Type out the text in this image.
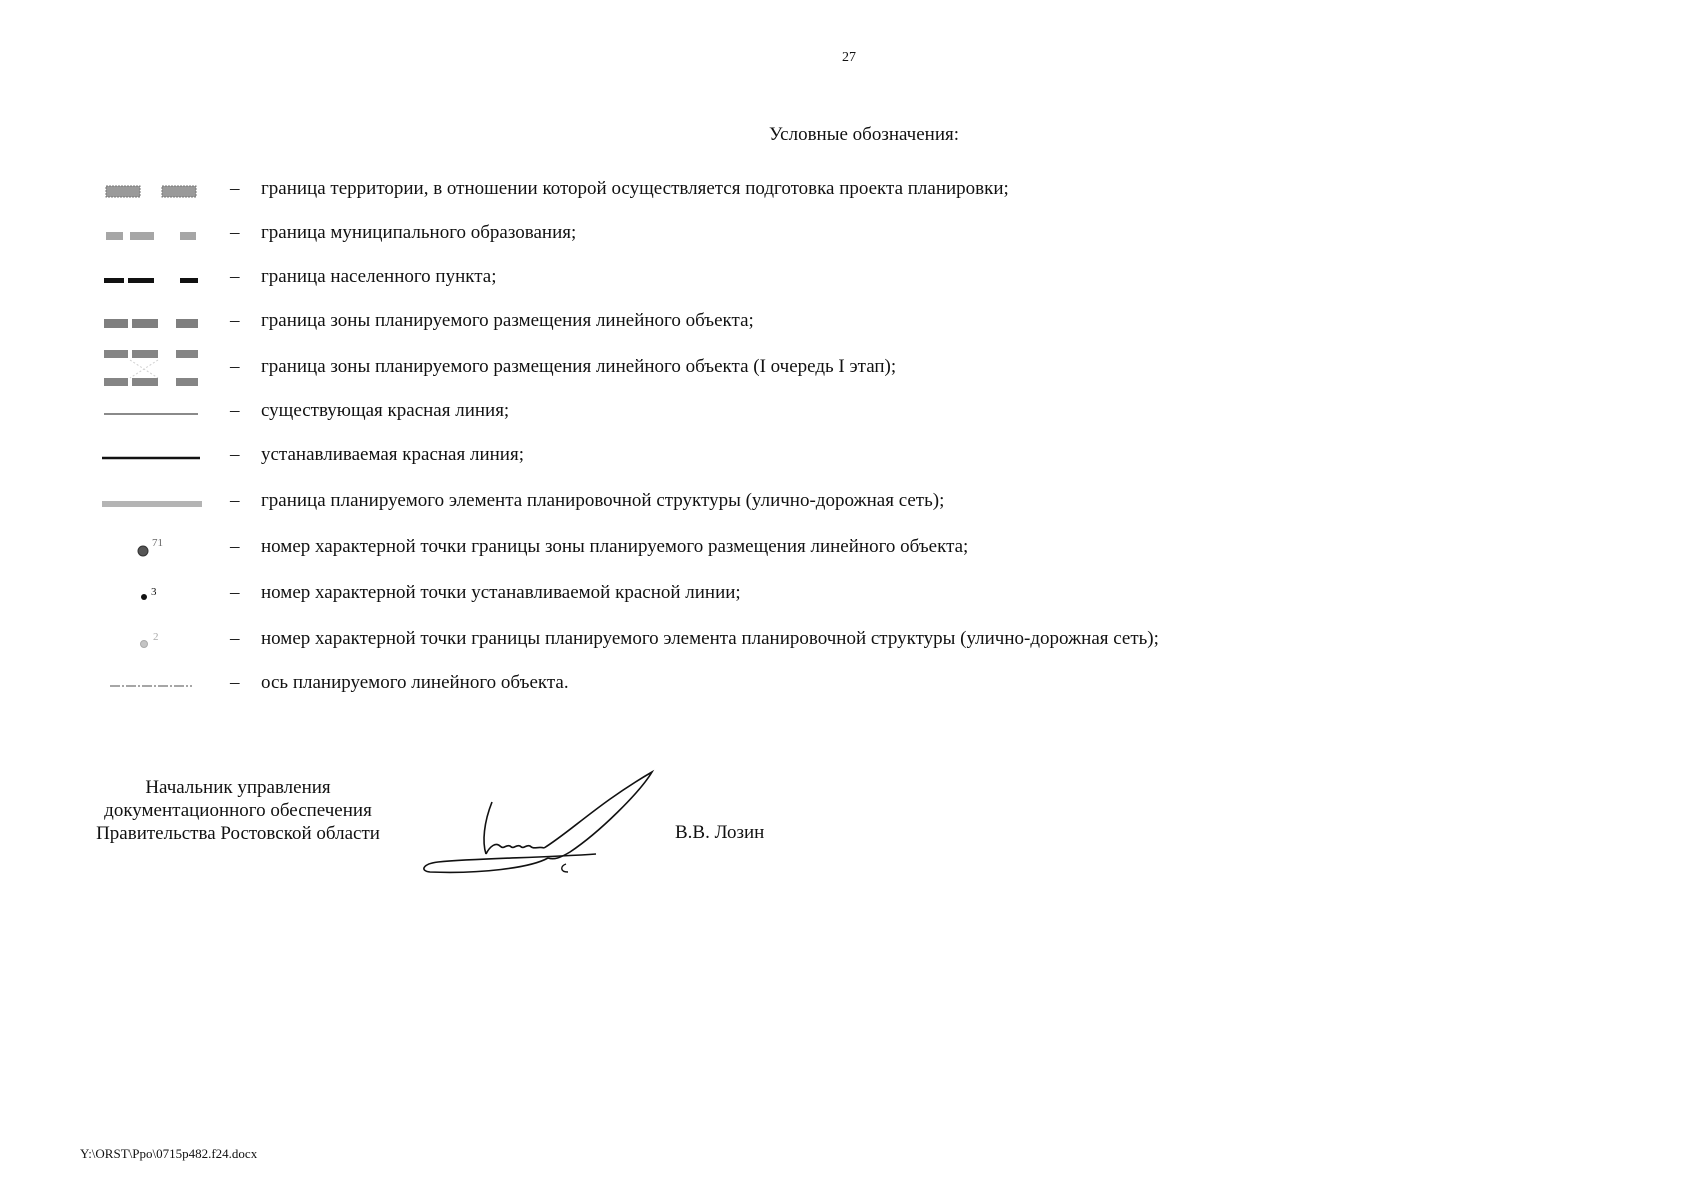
27
Условные обозначения:
– граница территории, в отношении которой осуществляется подготовка проекта планировки;
– граница муниципального образования;
– граница населенного пункта;
– граница зоны планируемого размещения линейного объекта;
– граница зоны планируемого размещения линейного объекта (I очередь I этап);
– существующая красная линия;
– устанавливаемая красная линия;
– граница планируемого элемента планировочной структуры (улично-дорожная сеть);
71	– номер характерной точки границы зоны планируемого размещения линейного объекта;
3	– номер характерной точки устанавливаемой красной линии;
2	– номер характерной точки границы планируемого элемента планировочной структуры (улично-дорожная сеть);
– ось планируемого линейного объекта.
Начальник управления
документационного обеспечения
Правительства Ростовской области	В.В. Лозин
Y:\ORST\Ppo\0715p482.f24.docx
